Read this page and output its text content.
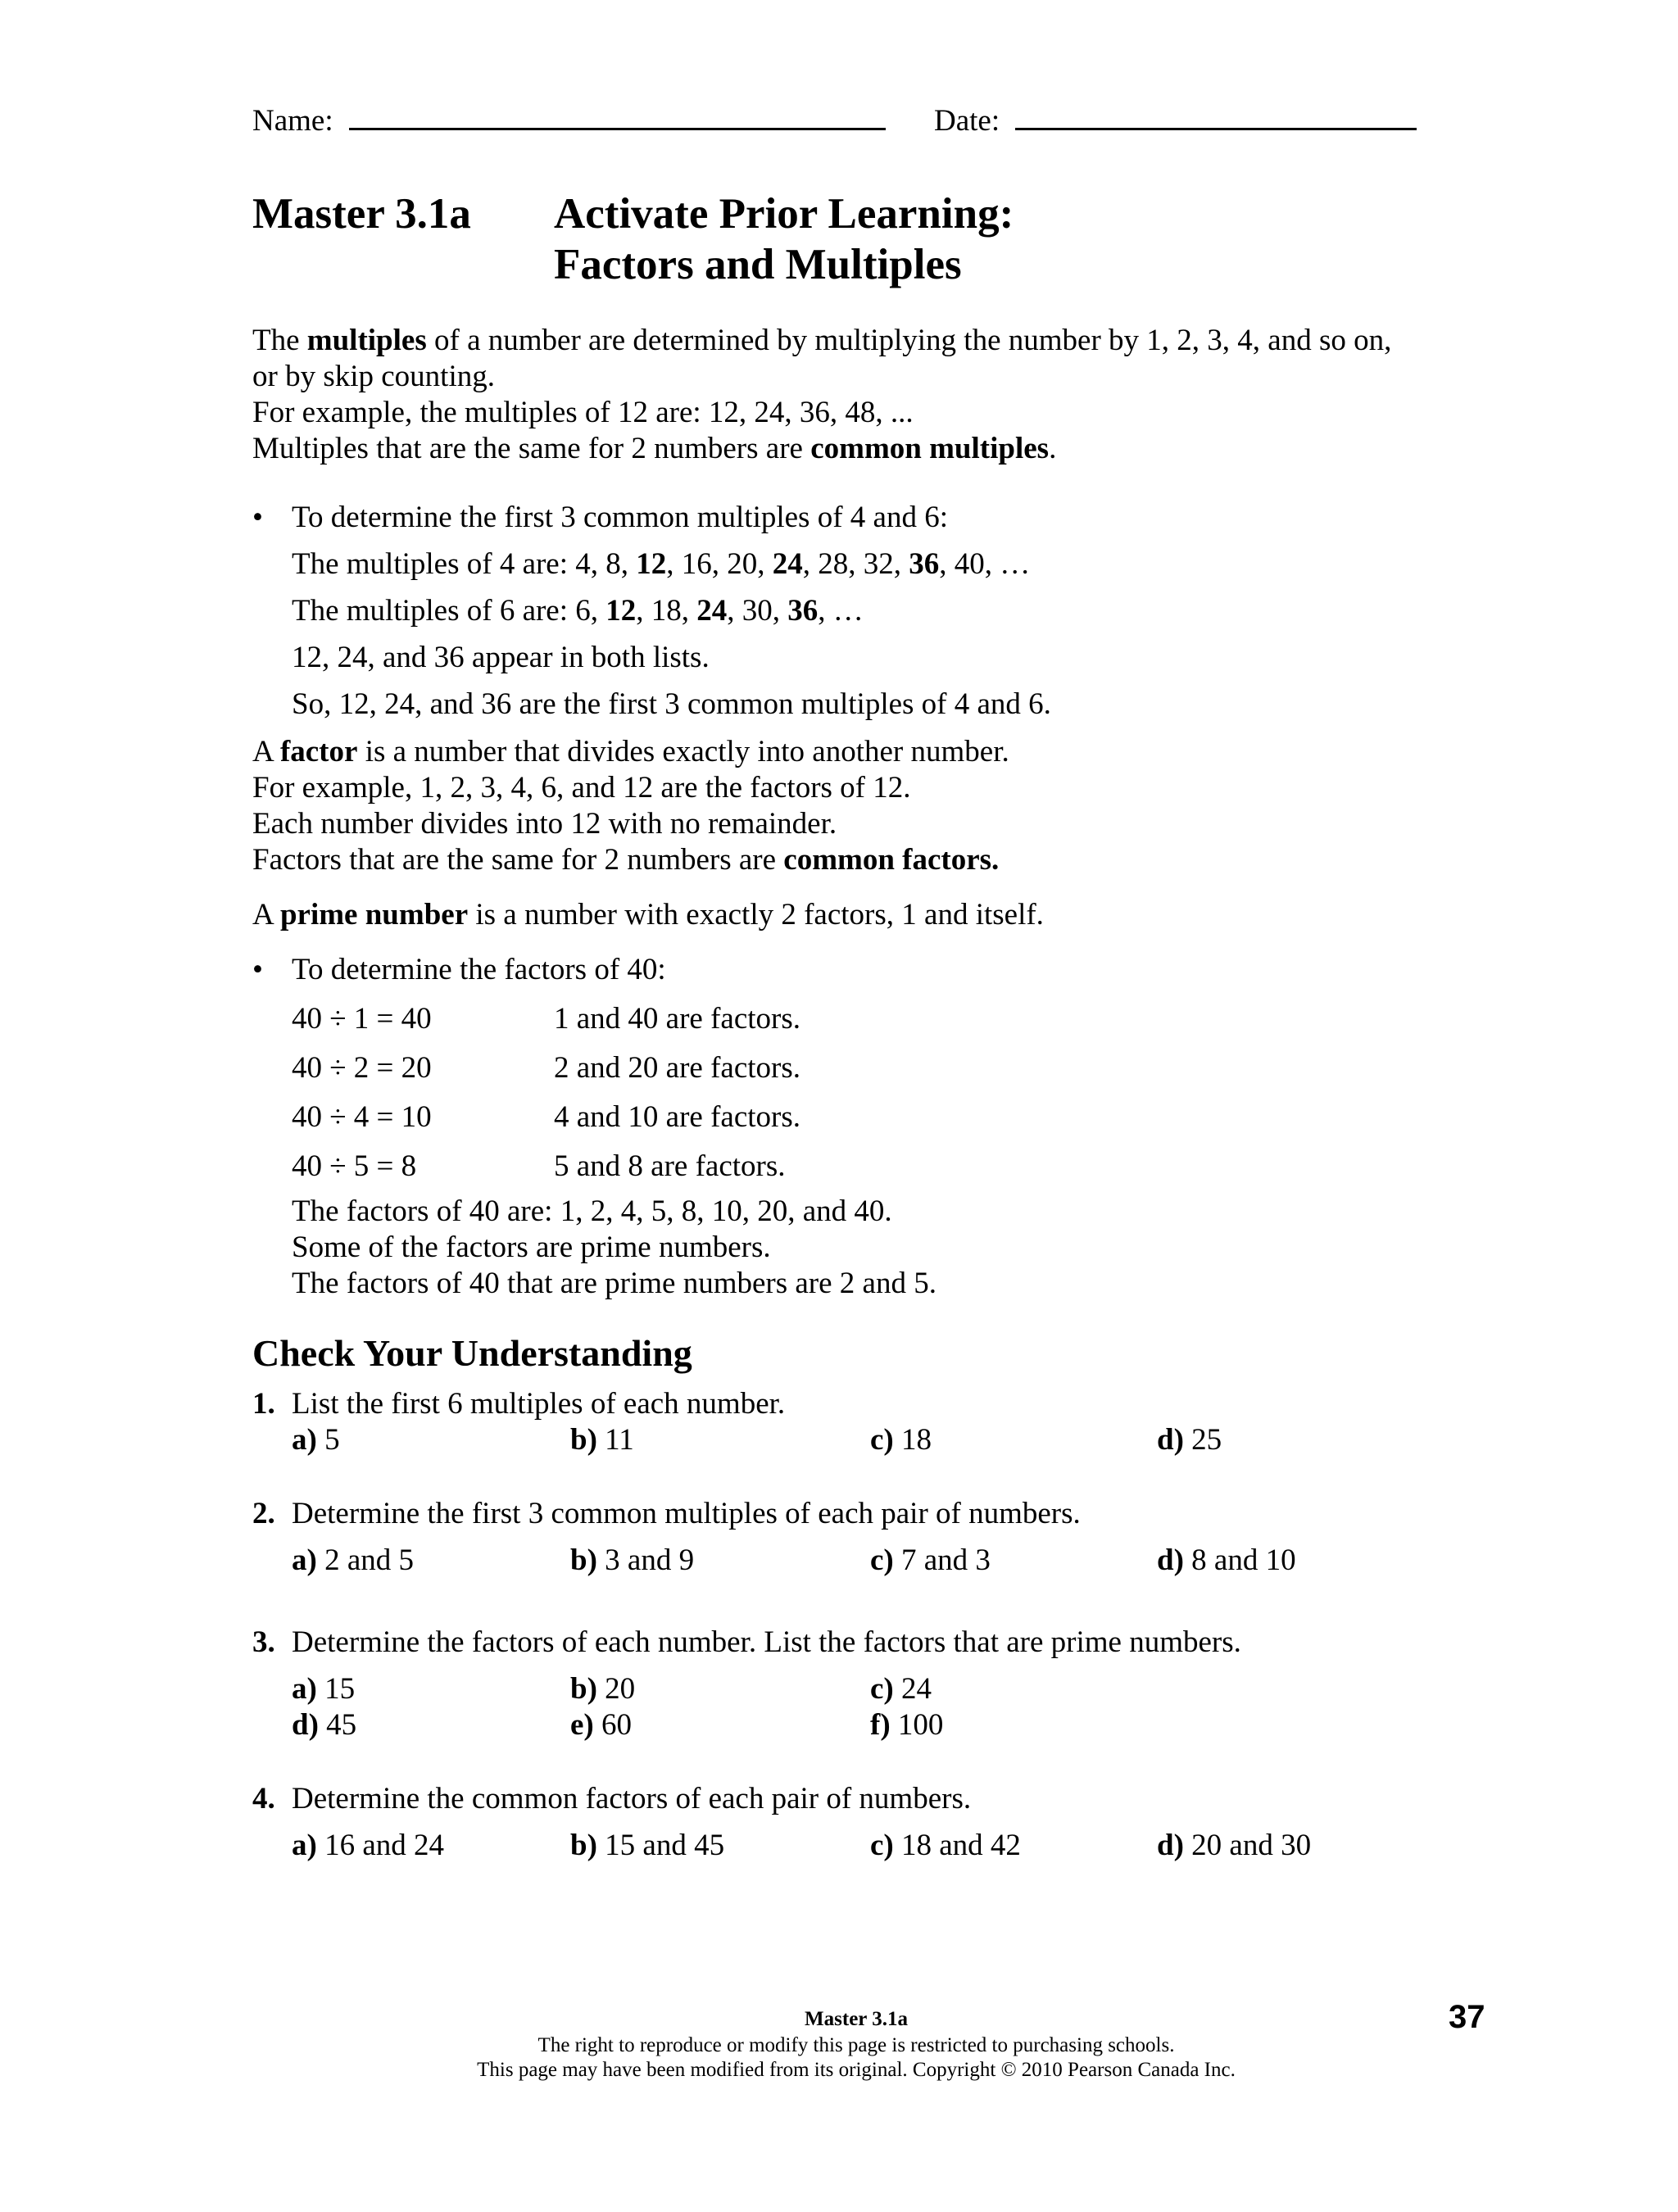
Name:	Date:
Master 3.1a Activate Prior Learning:
Factors and Multiples
The multiples of a number are determined by multiplying the number by 1, 2, 3, 4, and so on,
or by skip counting.
For example, the multiples of 12 are: 12, 24, 36, 48, ...
Multiples that are the same for 2 numbers are common multiples.
• To determine the first 3 common multiples of 4 and 6:
The multiples of 4 are: 4, 8, 12, 16, 20, 24, 28, 32, 36, 40, …
The multiples of 6 are: 6, 12, 18, 24, 30, 36, …
12, 24, and 36 appear in both lists.
So, 12, 24, and 36 are the first 3 common multiples of 4 and 6.
A factor is a number that divides exactly into another number.
For example, 1, 2, 3, 4, 6, and 12 are the factors of 12.
Each number divides into 12 with no remainder.
Factors that are the same for 2 numbers are common factors.
A prime number is a number with exactly 2 factors, 1 and itself.
• To determine the factors of 40:
40 ÷ 1 = 40	1 and 40 are factors.
40 ÷ 2 = 20	2 and 20 are factors.
40 ÷ 4 = 10	4 and 10 are factors.
40 ÷ 5 = 8	5 and 8 are factors.
The factors of 40 are: 1, 2, 4, 5, 8, 10, 20, and 40.
Some of the factors are prime numbers.
The factors of 40 that are prime numbers are 2 and 5.
Check Your Understanding
1. List the first 6 multiples of each number.
a) 5	b) 11	c) 18	d) 25
2. Determine the first 3 common multiples of each pair of numbers.
a) 2 and 5	b) 3 and 9	c) 7 and 3	d) 8 and 10
3. Determine the factors of each number. List the factors that are prime numbers.
a) 15	b) 20	c) 24
d) 45	e) 60	f) 100
4. Determine the common factors of each pair of numbers.
a) 16 and 24	b) 15 and 45	c) 18 and 42	d) 20 and 30
Master 3.1a
The right to reproduce or modify this page is restricted to purchasing schools.
This page may have been modified from its original. Copyright © 2010 Pearson Canada Inc.
37
